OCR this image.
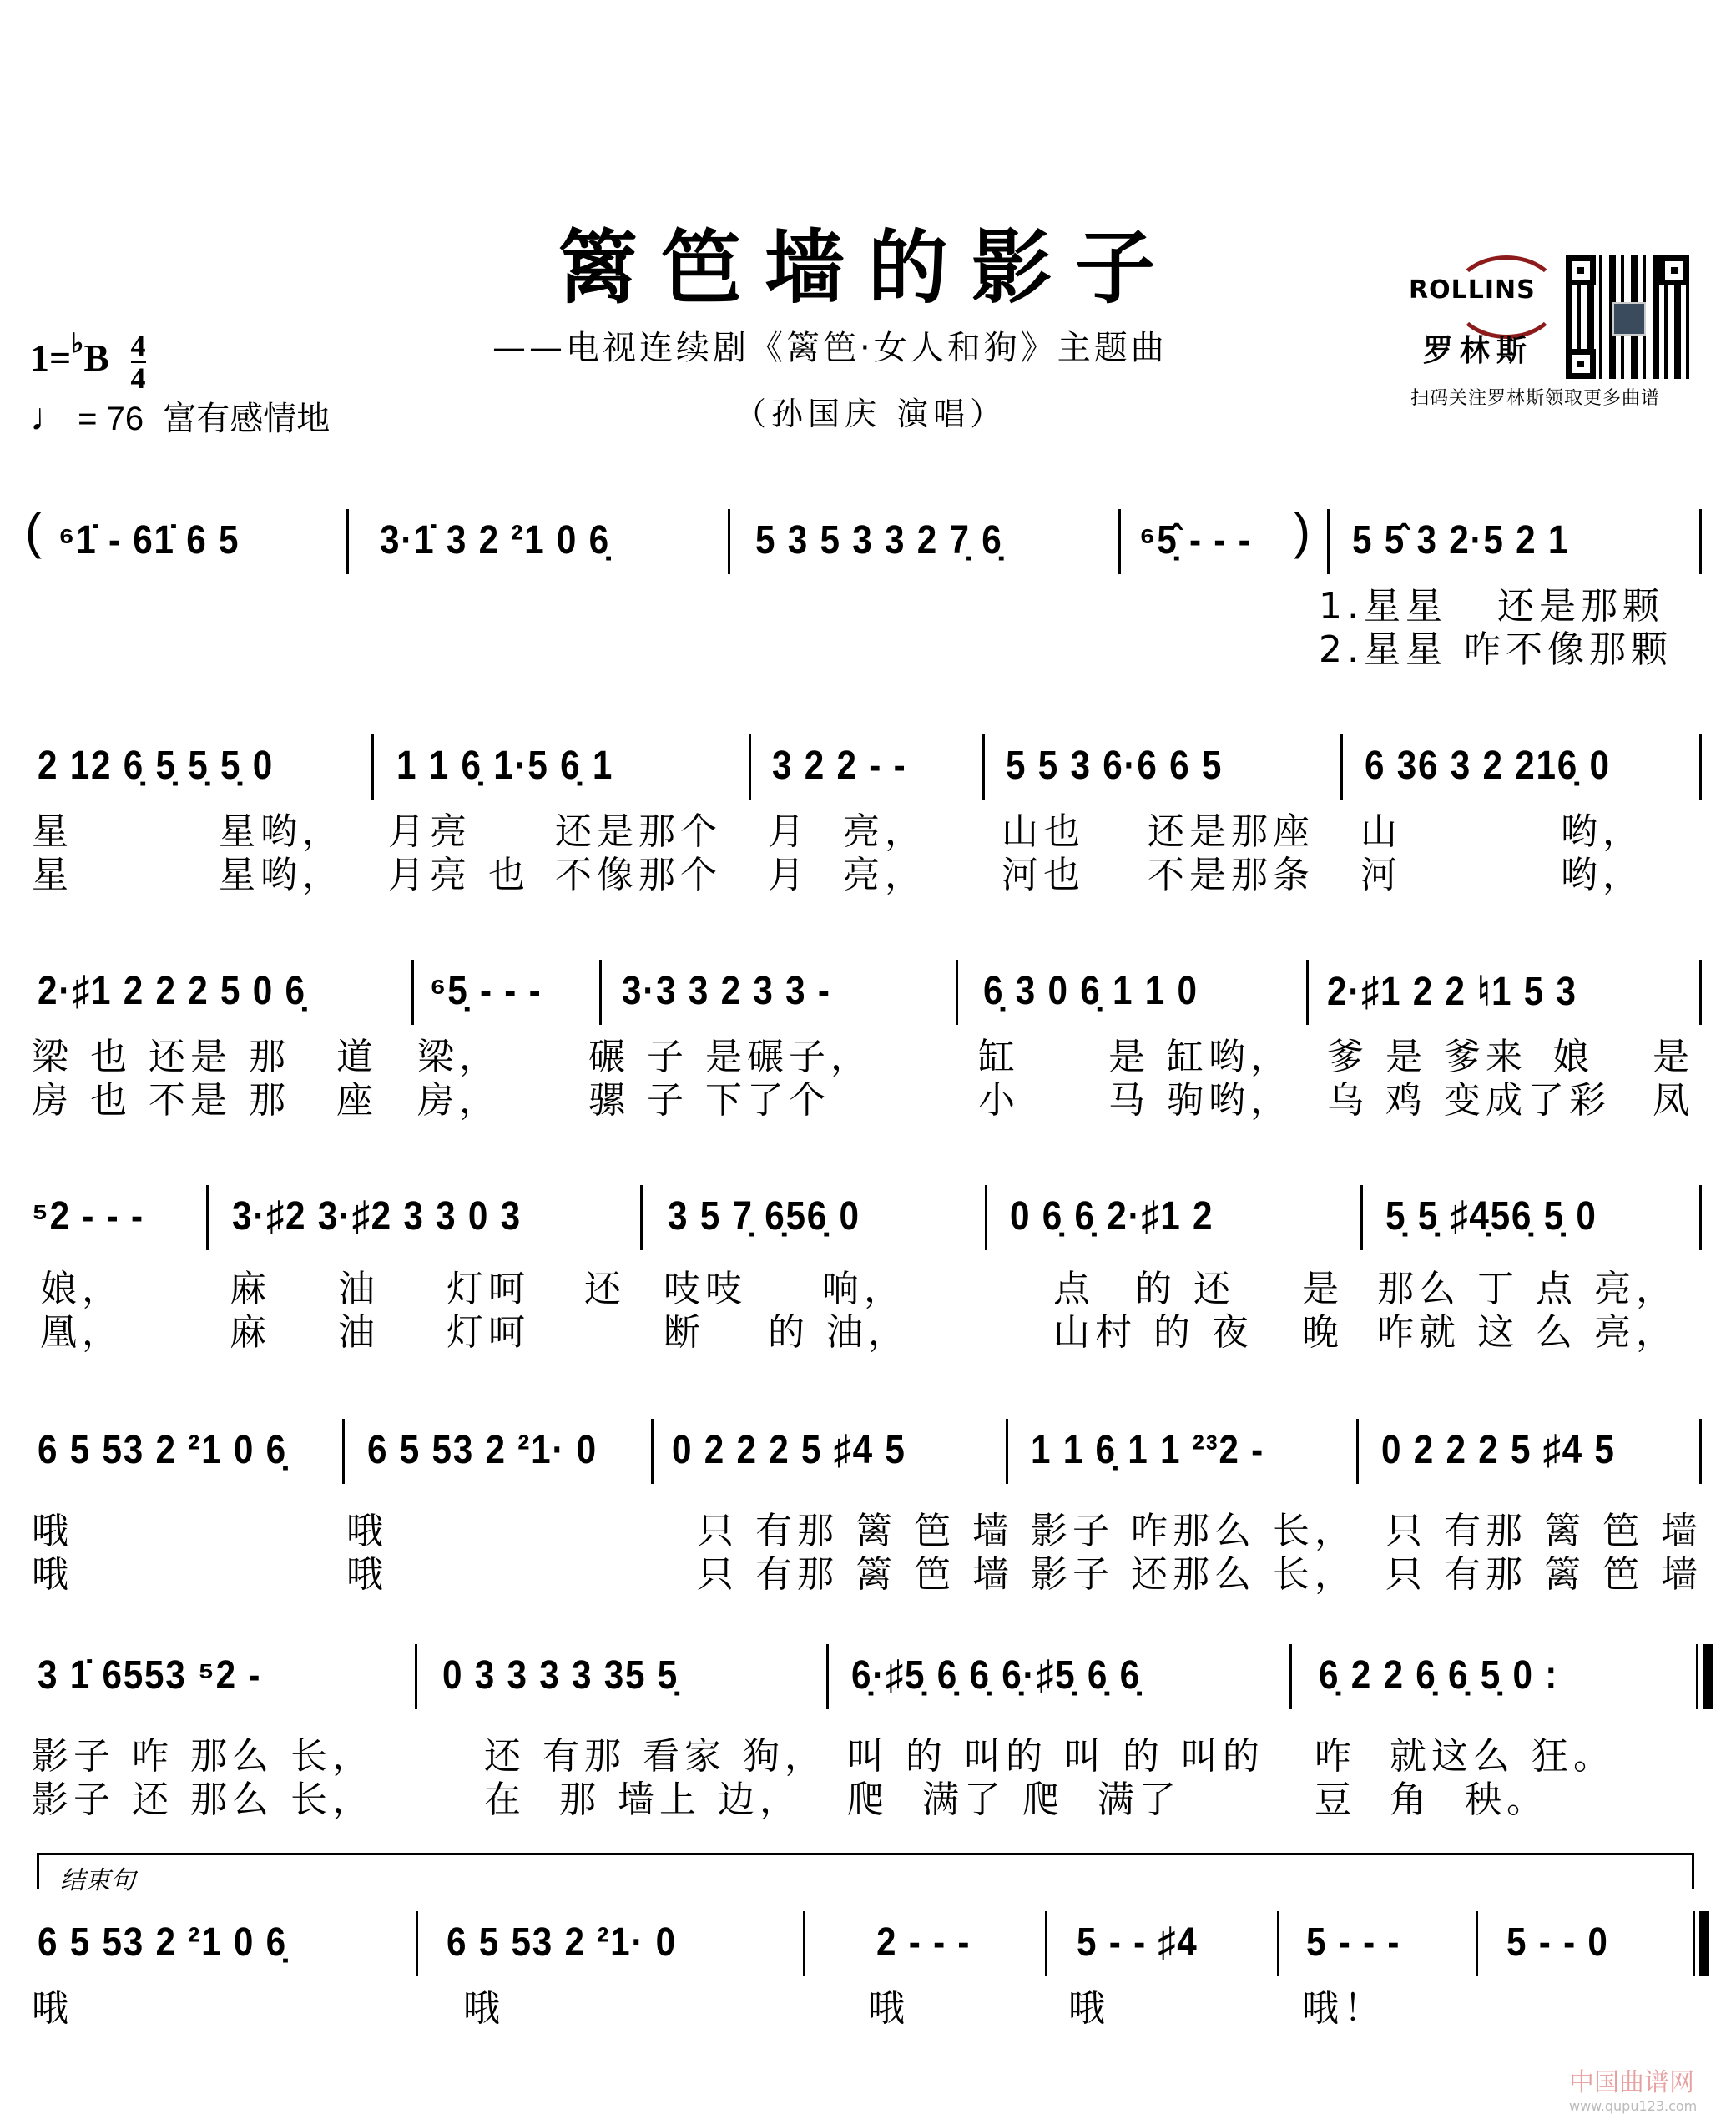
篱笆墙的影子
——电视连续剧《篱笆·女人和狗》主题曲
（孙国庆 演唱）
$1=^♭B \frac{4}{4}$
♩ = 76 富有感情地
ROLLINS
罗林斯
扫码关注罗林斯领取更多曲谱
( ⁶1̇ - 61̇ 6 5	3·1̇ 3 2 ²1 0 6̣	5 3 5 3 3 2 7̣ 6̣	⁶5̣̂ - - - ) 5 5̂ 3 2·5 2 1
1.星星   还是那颗
2.星星 咋不像那颗
2 12 6̣ 5̣ 5̣ 5̣ 0	1 1 6̣ 1·5 6̣ 1	3 2 2 - - 5 5 3 6·6 6 5	6 36 3 2 216̣ 0
星	星哟， 月亮 还是那个 月 亮， 山也 还是那座 山	哟，
星	星哟， 月亮 也 不像那个 月 亮， 河也 不是那条 河	哟，
2·♯1 2 2 2 5 0 6̣	⁶5̣ - - - 3·3 3 2 3 3 -	6̣ 3 0 6̣ 1 1 0	2·♯1 2 2 ♮1 5 3
梁 也 还是 那 道 梁， 碾 子 是碾子，	缸 是 缸哟， 爹 是 爹来 娘 是
房 也 不是 那 座 房， 骡 子 下了个	小 马 驹哟， 乌 鸡 变成了彩 凤
⁵2 - - - 3·♯2 3·♯2 3 3 0 3	3 5 7̣ 6̣56̣ 0	0 6̣ 6̣ 2·♯1 2	5̣ 5̣ ♯4̣56̣ 5̣ 0
娘，	麻 油 灯呵 还 吱吱 响，	点 的 还 是 那么 丁 点 亮，
凰，	麻 油 灯呵	断 的 油，	山村 的 夜 晚 咋就 这 么 亮，
6 5 53 2 ²1 0 6̣ 6 5 53 2 ²1· 0 0 2 2 2 5 ♯4 5	1 1 6̣ 1 1 ²³2 -	0 2 2 2 5 ♯4 5
哦	哦	只 有那 篱 笆 墙 影子 咋那么 长， 只 有那 篱 笆 墙
哦	哦	只 有那 篱 笆 墙 影子 还那么 长， 只 有那 篱 笆 墙
3 1̇ 6553 ⁵2 -	0 3 3 3 3 35 5̣	6̣·♯5̣ 6̣ 6̣ 6̣·♯5̣ 6̣ 6̣	6̣ 2 2 6̣ 6̣ 5̣ 0 :
影子 咋 那么 长，	还 有那 看家 狗， 叫 的 叫的 叫 的 叫的 咋  就这么 狂。
影子 还 那么 长，	在  那 墙上 边， 爬  满了 爬  满了	豆  角  秧。
结束句
6 5 53 2 ²1 0 6̣	6 5 53 2 ²1· 0	2 - - -	5 - - ♯4	5 - - -	5 - - 0
哦	哦	哦	哦	哦！
中国曲谱网
www.qupu123.com
